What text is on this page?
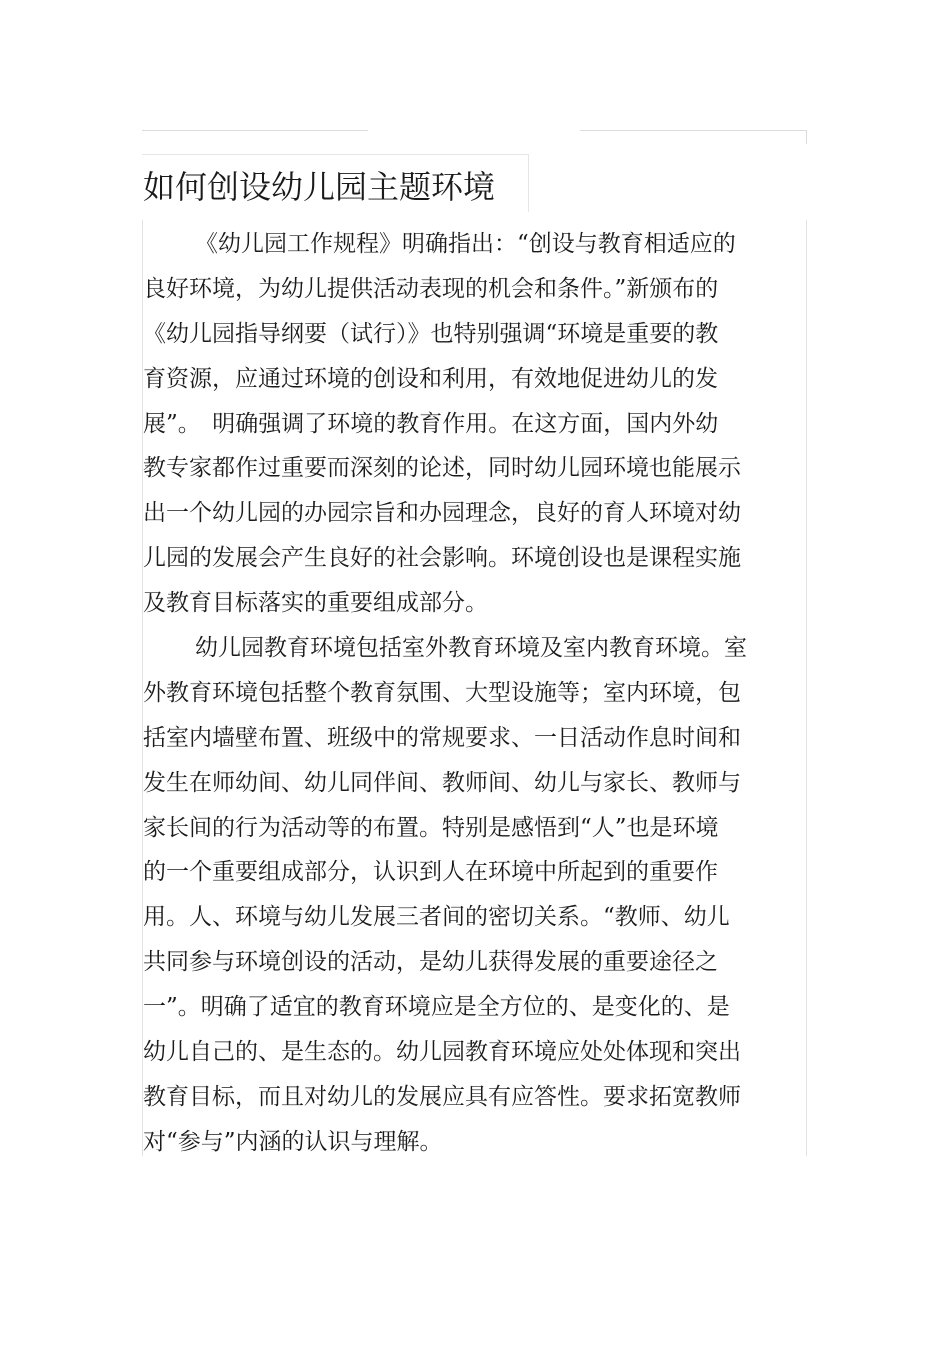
如何创设幼儿园主题环境
《幼儿园工作规程》明确指出：“创设与教育相适应的
良好环境，为幼儿提供活动表现的机会和条件。”新颁布的
《幼儿园指导纲要（试行）》也特别强调“环境是重要的教
育资源，应通过环境的创设和利用，有效地促进幼儿的发
展”。　明确强调了环境的教育作用。在这方面，国内外幼
教专家都作过重要而深刻的论述，同时幼儿园环境也能展示
出一个幼儿园的办园宗旨和办园理念，良好的育人环境对幼
儿园的发展会产生良好的社会影响。环境创设也是课程实施
及教育目标落实的重要组成部分。
幼儿园教育环境包括室外教育环境及室内教育环境。室
外教育环境包括整个教育氛围、大型设施等；室内环境，包
括室内墙壁布置、班级中的常规要求、一日活动作息时间和
发生在师幼间、幼儿同伴间、教师间、幼儿与家长、教师与
家长间的行为活动等的布置。特别是感悟到“人”也是环境
的一个重要组成部分，认识到人在环境中所起到的重要作
用。人、环境与幼儿发展三者间的密切关系。“教师、幼儿
共同参与环境创设的活动，是幼儿获得发展的重要途径之
一”。明确了适宜的教育环境应是全方位的、是变化的、是
幼儿自己的、是生态的。幼儿园教育环境应处处体现和突出
教育目标，而且对幼儿的发展应具有应答性。要求拓宽教师
对“参与”内涵的认识与理解。
